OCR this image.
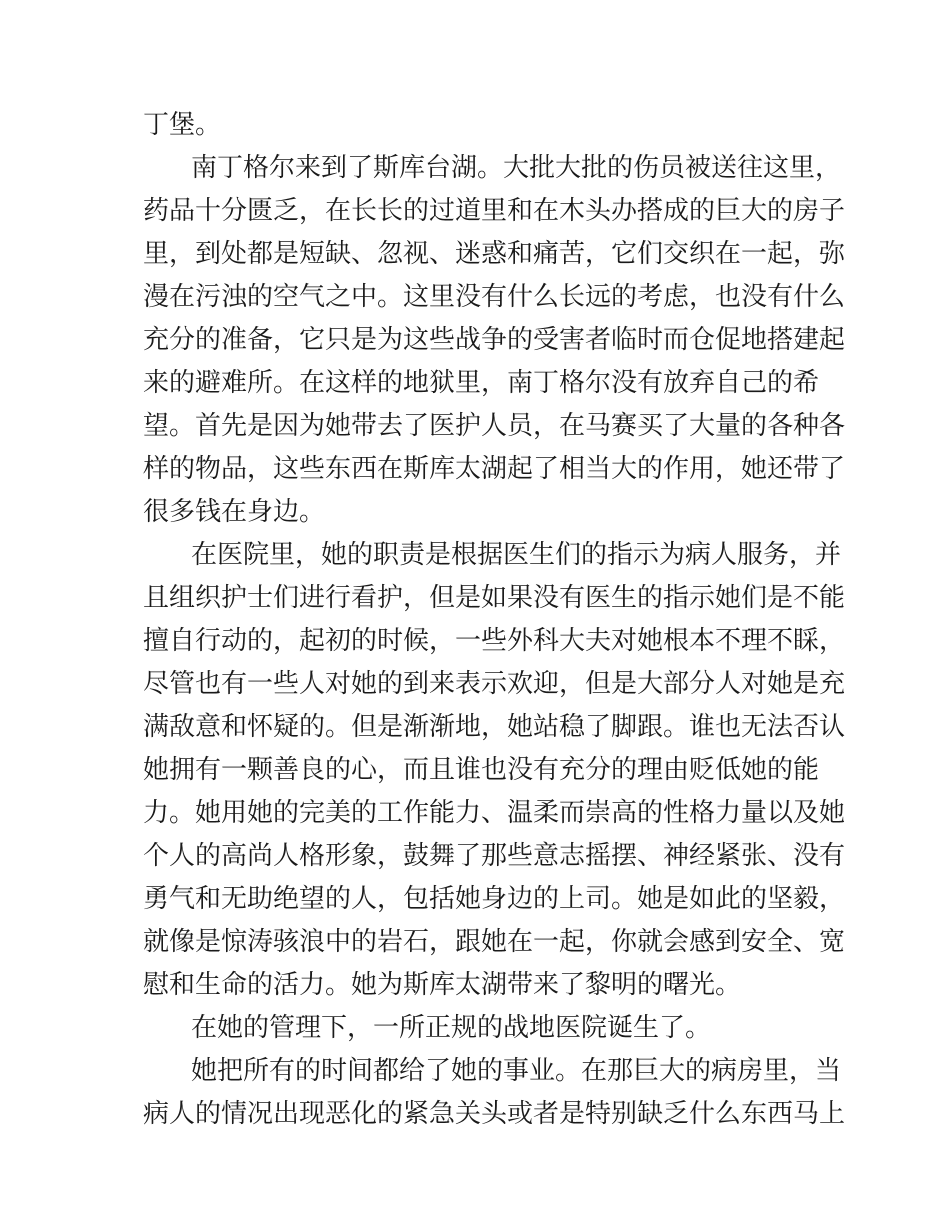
丁堡。
南丁格尔来到了斯库台湖。大批大批的伤员被送往这里，
药品十分匮乏，在长长的过道里和在木头办搭成的巨大的房子
里，到处都是短缺、忽视、迷惑和痛苦，它们交织在一起，弥
漫在污浊的空气之中。这里没有什么长远的考虑，也没有什么
充分的准备，它只是为这些战争的受害者临时而仓促地搭建起
来的避难所。在这样的地狱里，南丁格尔没有放弃自己的希
望。首先是因为她带去了医护人员，在马赛买了大量的各种各
样的物品，这些东西在斯库太湖起了相当大的作用，她还带了
很多钱在身边。
在医院里，她的职责是根据医生们的指示为病人服务，并
且组织护士们进行看护，但是如果没有医生的指示她们是不能
擅自行动的，起初的时候，一些外科大夫对她根本不理不睬，
尽管也有一些人对她的到来表示欢迎，但是大部分人对她是充
满敌意和怀疑的。但是渐渐地，她站稳了脚跟。谁也无法否认
她拥有一颗善良的心，而且谁也没有充分的理由贬低她的能
力。她用她的完美的工作能力、温柔而崇高的性格力量以及她
个人的高尚人格形象，鼓舞了那些意志摇摆、神经紧张、没有
勇气和无助绝望的人，包括她身边的上司。她是如此的坚毅，
就像是惊涛骇浪中的岩石，跟她在一起，你就会感到安全、宽
慰和生命的活力。她为斯库太湖带来了黎明的曙光。
在她的管理下，一所正规的战地医院诞生了。
她把所有的时间都给了她的事业。在那巨大的病房里，当
病人的情况出现恶化的紧急关头或者是特别缺乏什么东西马上
